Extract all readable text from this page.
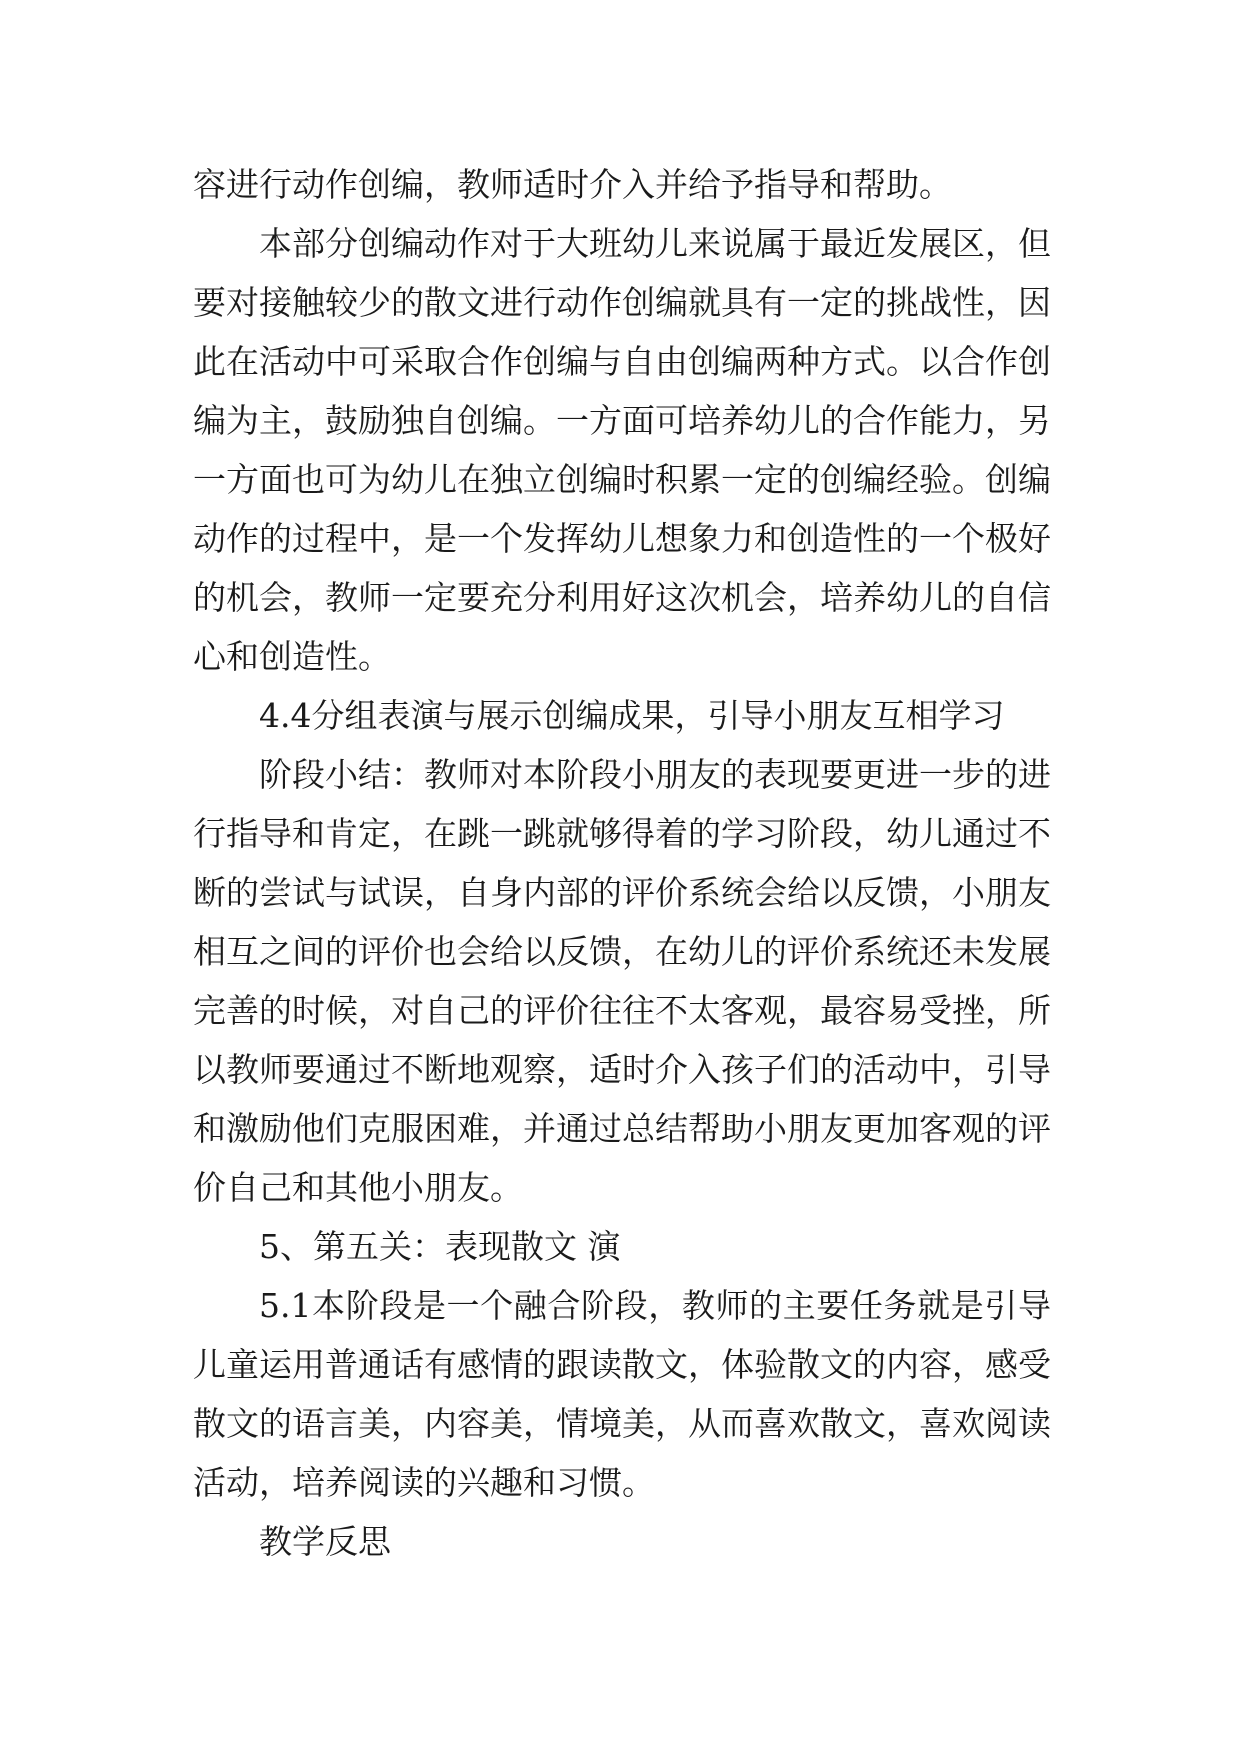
容进行动作创编，教师适时介入并给予指导和帮助。
本部分创编动作对于大班幼儿来说属于最近发展区，但
要对接触较少的散文进行动作创编就具有一定的挑战性，因
此在活动中可采取合作创编与自由创编两种方式。以合作创
编为主，鼓励独自创编。一方面可培养幼儿的合作能力，另
一方面也可为幼儿在独立创编时积累一定的创编经验。创编
动作的过程中，是一个发挥幼儿想象力和创造性的一个极好
的机会，教师一定要充分利用好这次机会，培养幼儿的自信
心和创造性。
4.4分组表演与展示创编成果，引导小朋友互相学习
阶段小结：教师对本阶段小朋友的表现要更进一步的进
行指导和肯定，在跳一跳就够得着的学习阶段，幼儿通过不
断的尝试与试误，自身内部的评价系统会给以反馈，小朋友
相互之间的评价也会给以反馈，在幼儿的评价系统还未发展
完善的时候，对自己的评价往往不太客观，最容易受挫，所
以教师要通过不断地观察，适时介入孩子们的活动中，引导
和激励他们克服困难，并通过总结帮助小朋友更加客观的评
价自己和其他小朋友。
5、第五关：表现散文 演
5.1本阶段是一个融合阶段，教师的主要任务就是引导
儿童运用普通话有感情的跟读散文，体验散文的内容，感受
散文的语言美，内容美，情境美，从而喜欢散文，喜欢阅读
活动，培养阅读的兴趣和习惯。
教学反思
